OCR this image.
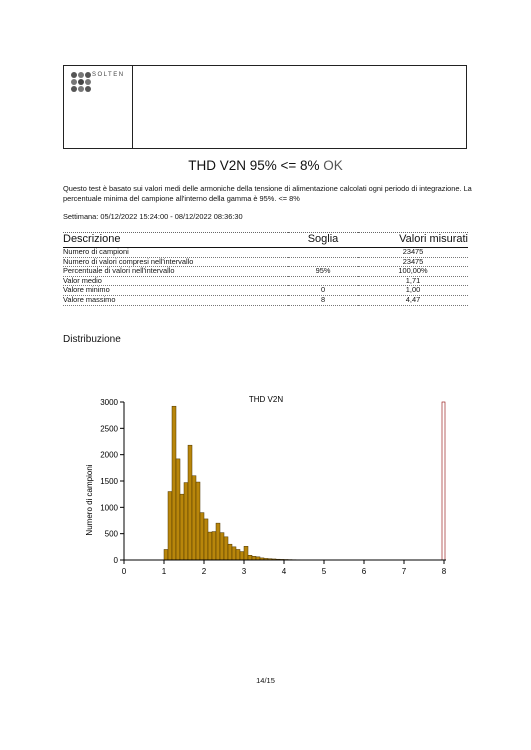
SOLTEN
THD V2N 95% <= 8% OK
Questo test è basato sui valori medi delle armoniche della tensione di alimentazione calcolati ogni periodo di integrazione. La percentuale minima del campione all'interno della gamma è 95%. <= 8%
Settimana: 05/12/2022 15:24:00 - 08/12/2022 08:36:30
Descrizione	Soglia	Valori misurati
Numero di campioni		23475
Numero di valori compresi nell'intervallo		23475
Percentuale di valori nell'intervallo	95%	100,00%
Valor medio		1,71
Valore minimo	0	1,00
Valore massimo	8	4,47
Distribuzione
THD V2N
Numero di campioni
0
500
1000
1500
2000
2500
3000
0	1	2	3	4	5	6	7	8
14/15
